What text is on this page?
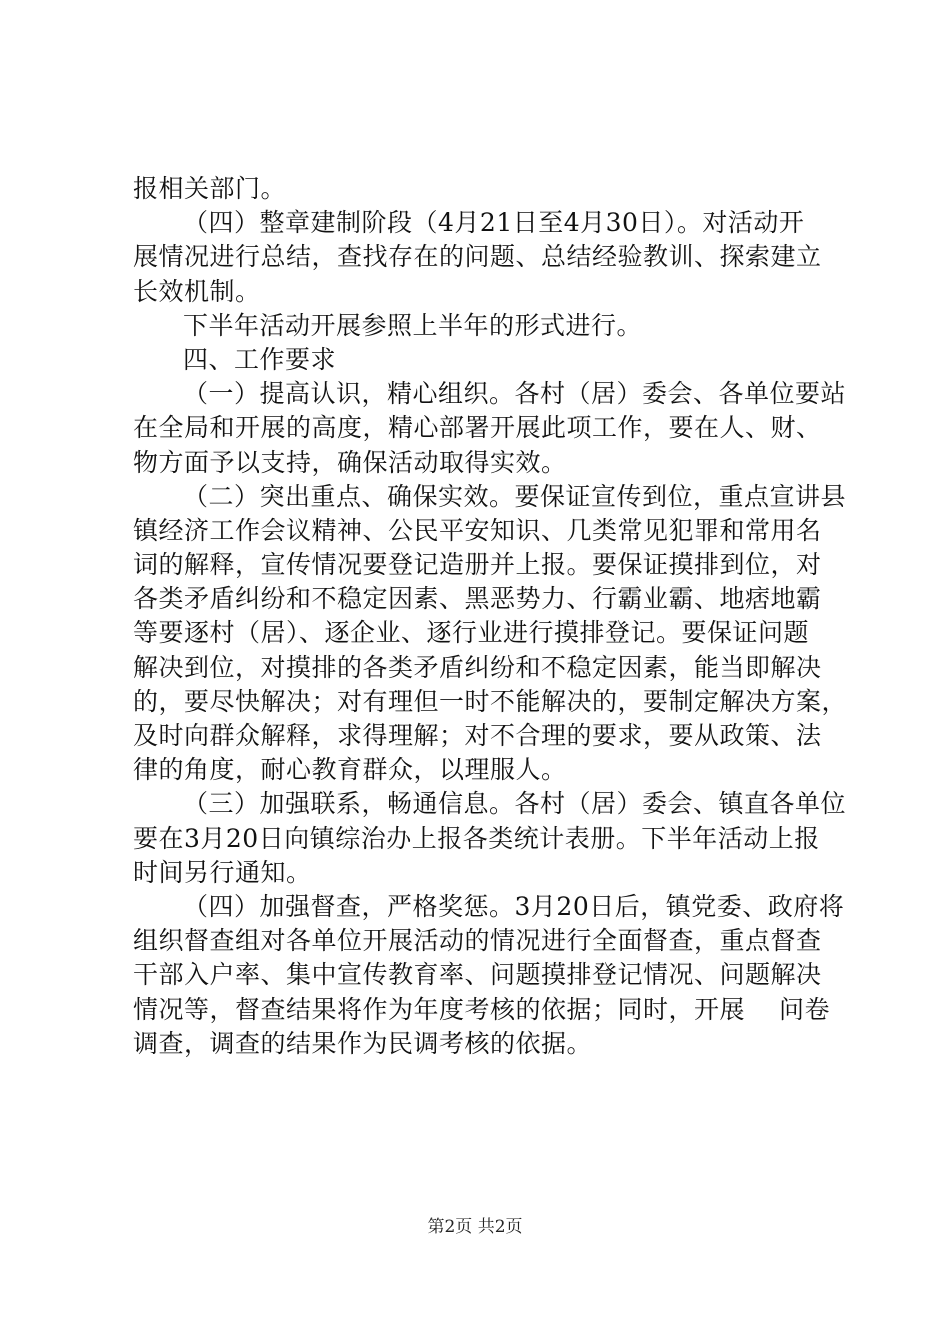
报相关部门。
（四）整章建制阶段（4月21日至4月30日）。对活动开
展情况进行总结，查找存在的问题、总结经验教训、探索建立
长效机制。
下半年活动开展参照上半年的形式进行。
四、工作要求
（一）提高认识，精心组织。各村（居）委会、各单位要站
在全局和开展的高度，精心部署开展此项工作，要在人、财、
物方面予以支持，确保活动取得实效。
（二）突出重点、确保实效。要保证宣传到位，重点宣讲县
镇经济工作会议精神、公民平安知识、几类常见犯罪和常用名
词的解释，宣传情况要登记造册并上报。要保证摸排到位，对
各类矛盾纠纷和不稳定因素、黑恶势力、行霸业霸、地痞地霸
等要逐村（居）、逐企业、逐行业进行摸排登记。要保证问题
解决到位，对摸排的各类矛盾纠纷和不稳定因素，能当即解决
的，要尽快解决；对有理但一时不能解决的，要制定解决方案，
及时向群众解释，求得理解；对不合理的要求，要从政策、法
律的角度，耐心教育群众，以理服人。
（三）加强联系，畅通信息。各村（居）委会、镇直各单位
要在3月20日向镇综治办上报各类统计表册。下半年活动上报
时间另行通知。
（四）加强督查，严格奖惩。3月20日后，镇党委、政府将
组织督查组对各单位开展活动的情况进行全面督查，重点督查
干部入户率、集中宣传教育率、问题摸排登记情况、问题解决
情况等，督查结果将作为年度考核的依据；同时，开展　 问卷
调查，调查的结果作为民调考核的依据。
第2页 共2页
